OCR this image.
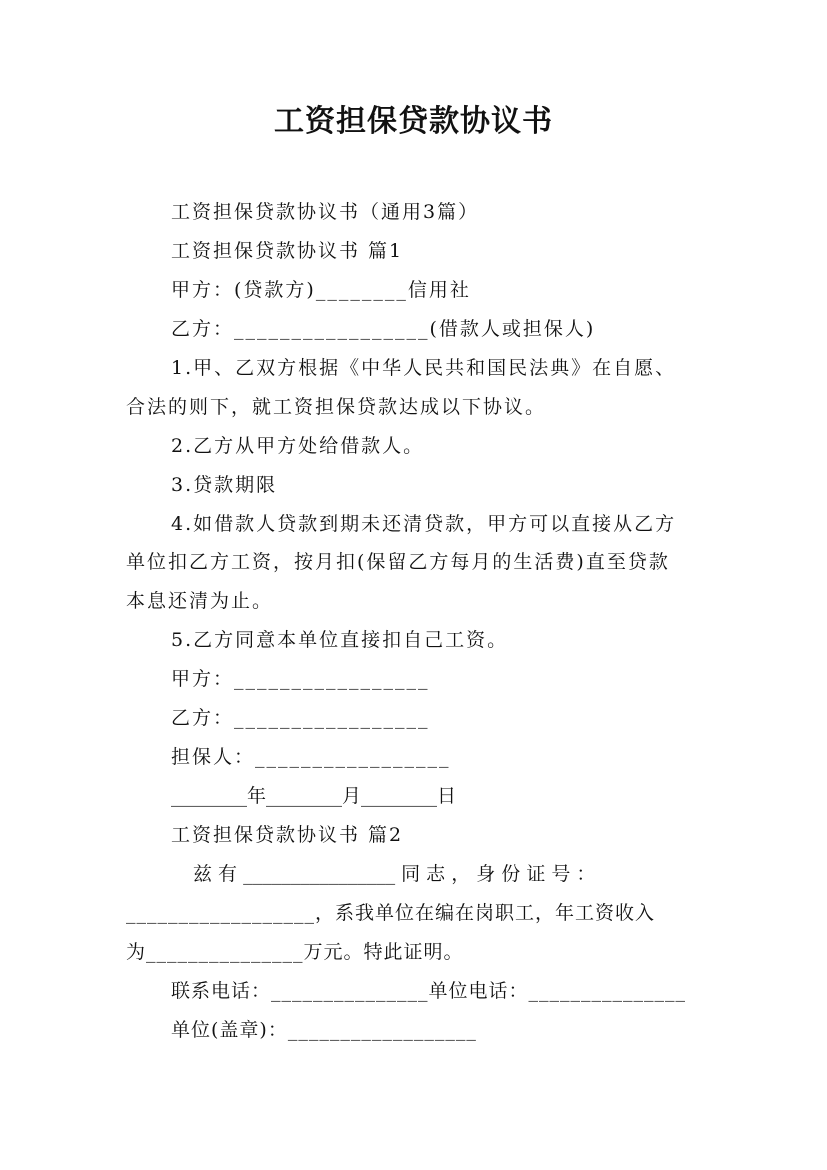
工资担保贷款协议书
工资担保贷款协议书（通用3篇）
工资担保贷款协议书 篇1
甲方：(贷款方)________信用社
乙方：_________________(借款人或担保人)
1.甲、乙双方根据《中华人民共和国民法典》在自愿、
合法的则下，就工资担保贷款达成以下协议。
2.乙方从甲方处给借款人。
3.贷款期限
4.如借款人贷款到期未还清贷款，甲方可以直接从乙方
单位扣乙方工资，按月扣(保留乙方每月的生活费)直至贷款
本息还清为止。
5.乙方同意本单位直接扣自己工资。
甲方：_________________
乙方：_________________
担保人：_________________
________年________月________日
工资担保贷款协议书 篇2
兹 有 ________________ 同 志 ， 身 份 证 号 ：
__________________，系我单位在编在岗职工，年工资收入
为_______________万元。特此证明。
联系电话：_______________单位电话：_______________
单位(盖章)：__________________
